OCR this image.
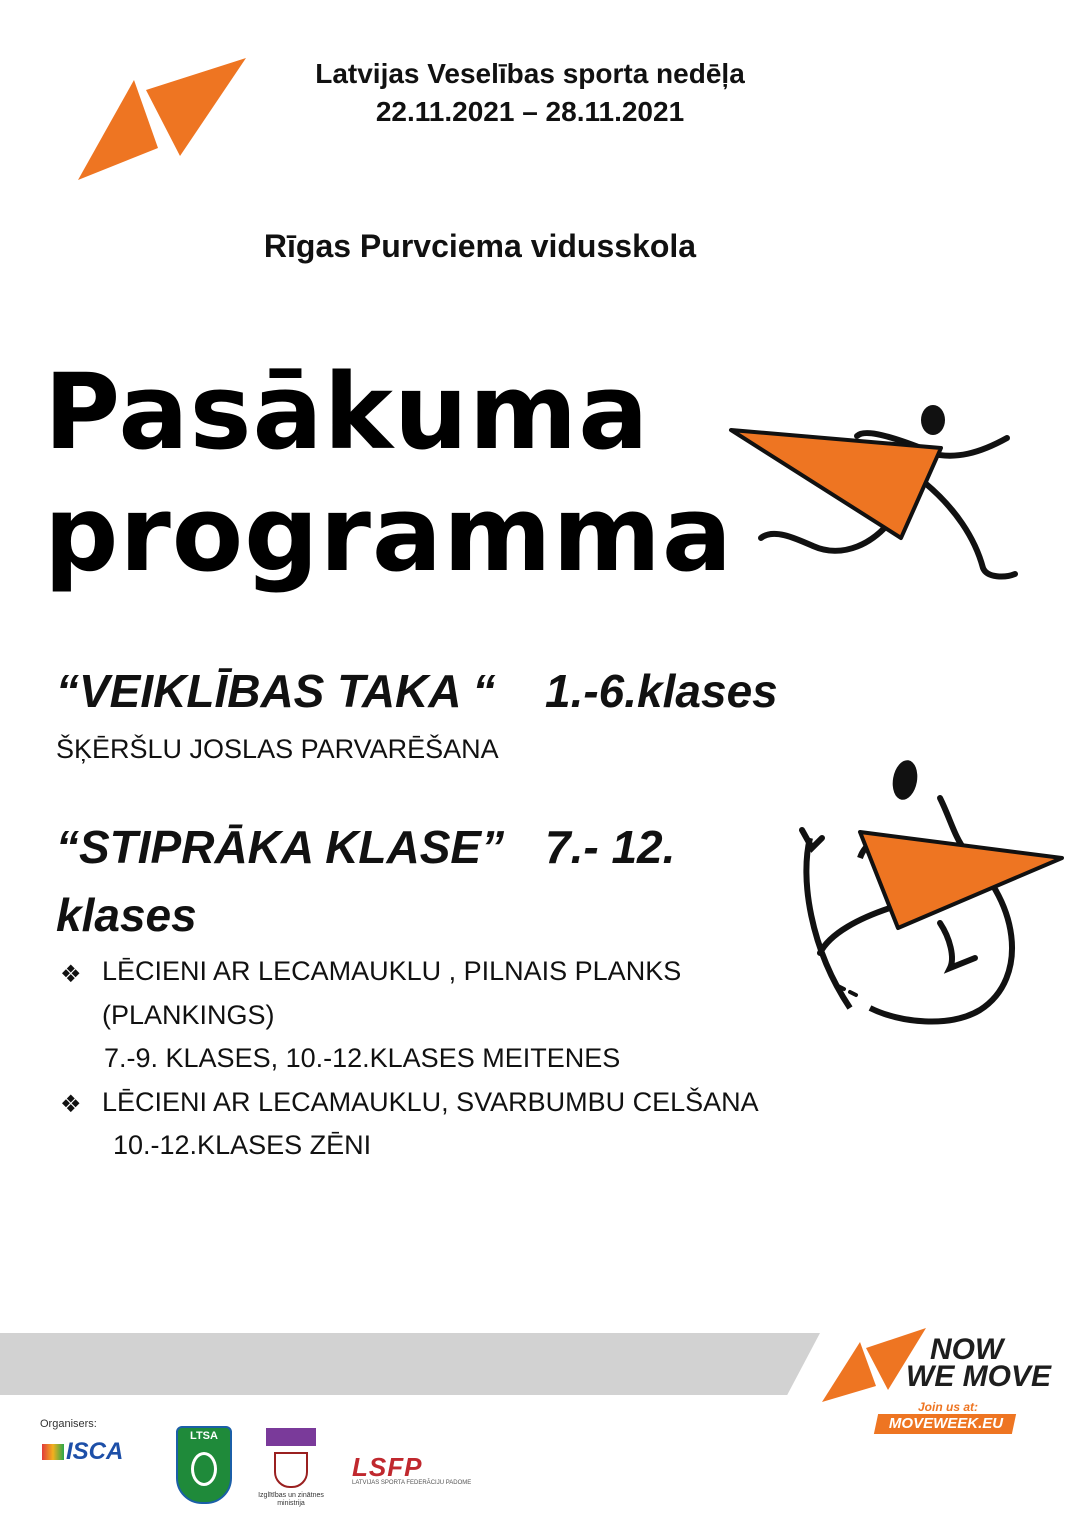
Latvijas Veselības sporta nedēļa
22.11.2021 – 28.11.2021
Rīgas Purvciema vidusskola
Pasākuma
programma
“VEIKLĪBAS TAKA “ 1.-6.klases
ŠĶĒRŠLU JOSLAS PARVARĒŠANA
“STIPRĀKA KLASE” 7.- 12.
klases
❖ LĒCIENI AR LECAMAUKLU , PILNAIS PLANKS
(PLANKINGS)
7.-9. KLASES, 10.-12.KLASES MEITENES
❖ LĒCIENI AR LECAMAUKLU, SVARBUMBU CELŠANA
10.-12.KLASES ZĒNI
NOW
WE MOVE
Join us at:
MOVEWEEK.EU
Organisers:
ISCA
LTSA
Izglītības un zinātnes ministrija
LSFP
LATVIJAS SPORTA FEDERĀCIJU PADOME
